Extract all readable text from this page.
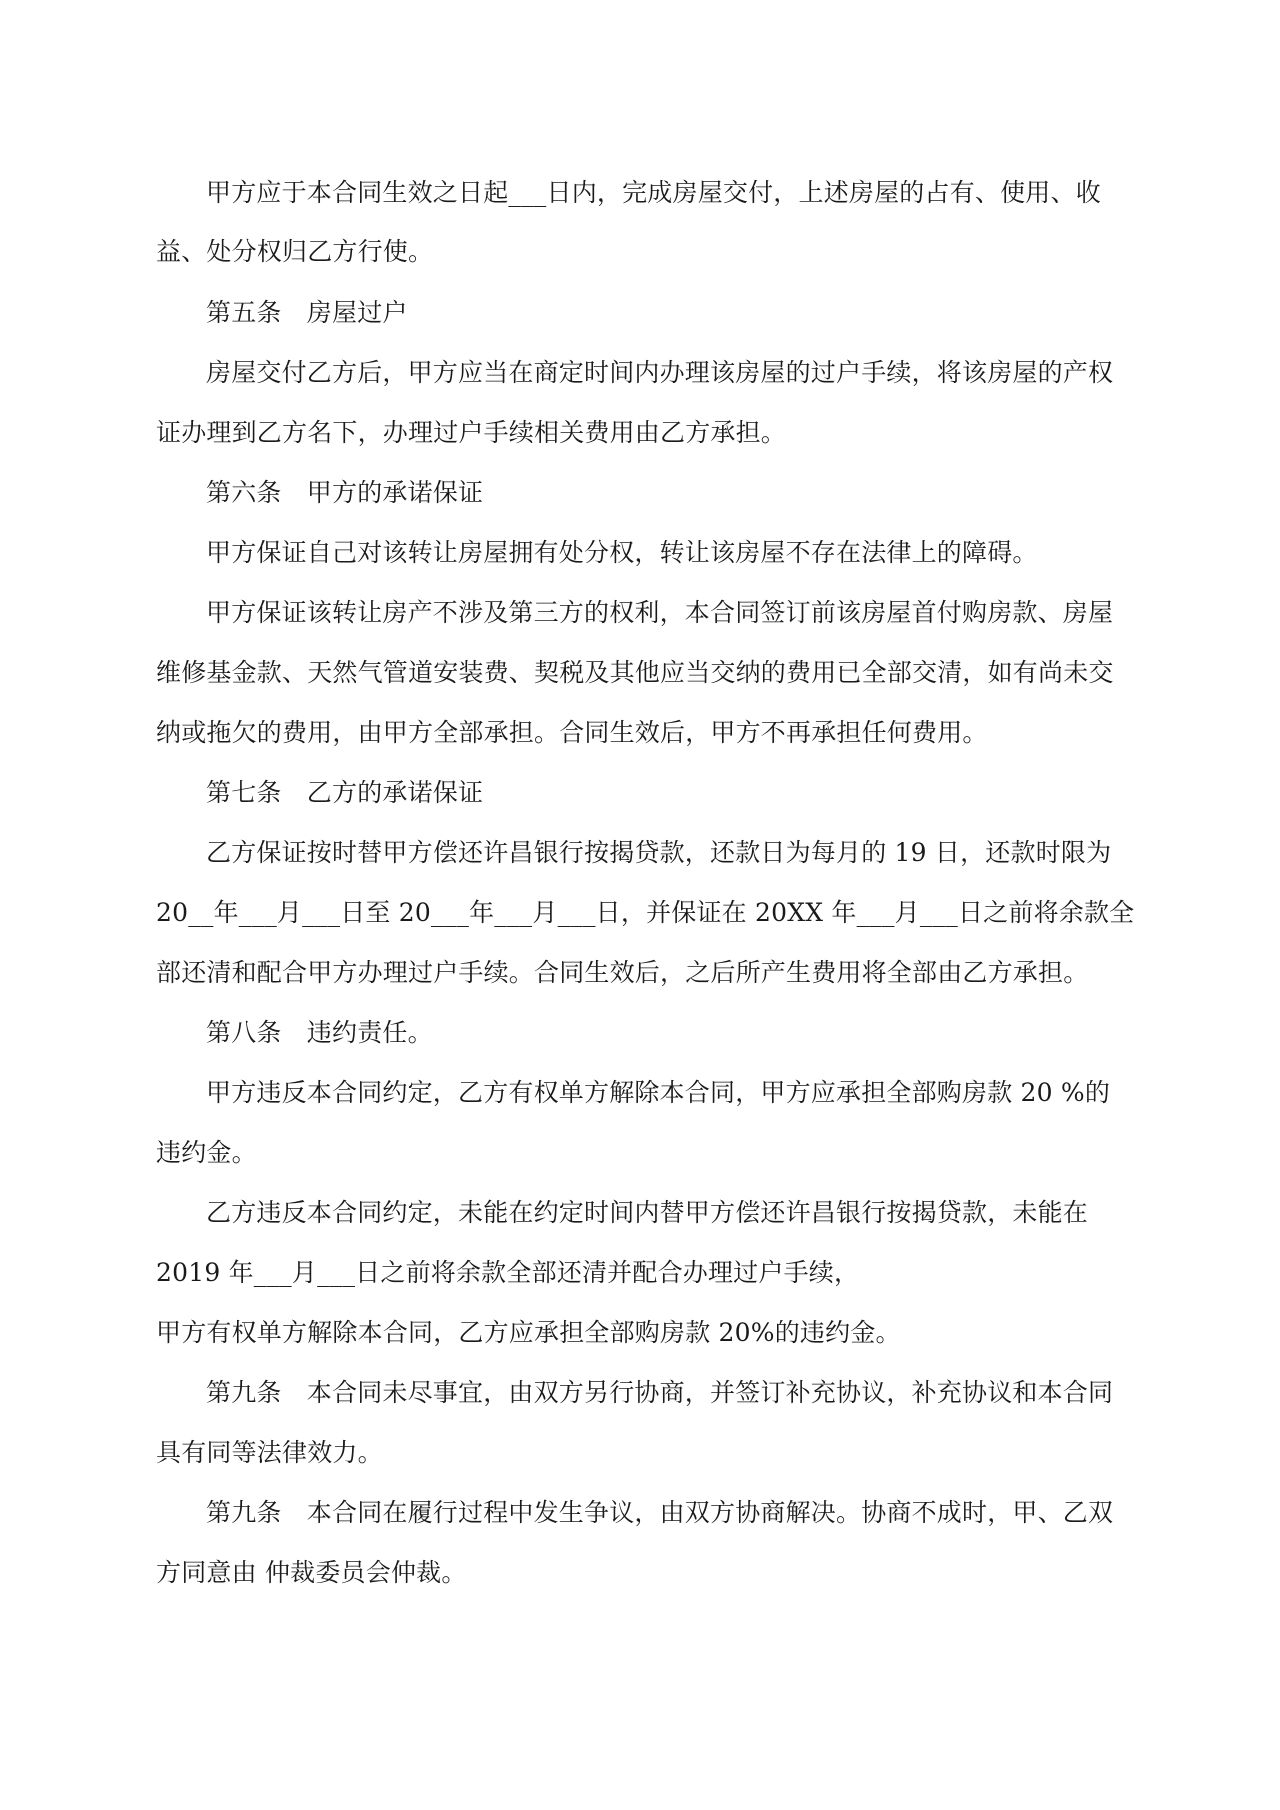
甲方应于本合同生效之日起___日内，完成房屋交付，上述房屋的占有、使用、收
益、处分权归乙方行使。
第五条　房屋过户
房屋交付乙方后，甲方应当在商定时间内办理该房屋的过户手续，将该房屋的产权
证办理到乙方名下，办理过户手续相关费用由乙方承担。
第六条　甲方的承诺保证
甲方保证自己对该转让房屋拥有处分权，转让该房屋不存在法律上的障碍。
甲方保证该转让房产不涉及第三方的权利，本合同签订前该房屋首付购房款、房屋
维修基金款、天然气管道安装费、契税及其他应当交纳的费用已全部交清，如有尚未交
纳或拖欠的费用，由甲方全部承担。合同生效后，甲方不再承担任何费用。
第七条　乙方的承诺保证
乙方保证按时替甲方偿还许昌银行按揭贷款，还款日为每月的 19 日，还款时限为
20__年___月___日至 20___年___月___日，并保证在 20XX 年___月___日之前将余款全
部还清和配合甲方办理过户手续。合同生效后，之后所产生费用将全部由乙方承担。
第八条　违约责任。
甲方违反本合同约定，乙方有权单方解除本合同，甲方应承担全部购房款 20 %的
违约金。
乙方违反本合同约定，未能在约定时间内替甲方偿还许昌银行按揭贷款，未能在
2019 年___月___日之前将余款全部还清并配合办理过户手续，
甲方有权单方解除本合同，乙方应承担全部购房款 20%的违约金。
第九条　本合同未尽事宜，由双方另行协商，并签订补充协议，补充协议和本合同
具有同等法律效力。
第九条　本合同在履行过程中发生争议，由双方协商解决。协商不成时，甲、乙双
方同意由 仲裁委员会仲裁。
